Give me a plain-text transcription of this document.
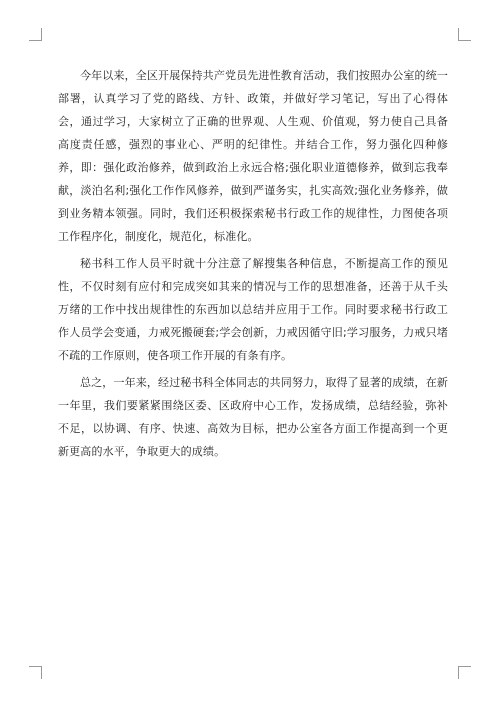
今年以来，全区开展保持共产党员先进性教育活动，我们按照办公室的统一部署，认真学习了党的路线、方针、政策，并做好学习笔记，写出了心得体会，通过学习，大家树立了正确的世界观、人生观、价值观，努力使自己具备高度责任感，强烈的事业心、严明的纪律性。并结合工作，努力强化四种修养，即：强化政治修养，做到政治上永远合格;强化职业道德修养，做到忘我奉献，淡泊名利;强化工作作风修养，做到严谨务实，扎实高效;强化业务修养，做到业务精本领强。同时，我们还积极探索秘书行政工作的规律性，力图使各项工作程序化，制度化，规范化，标准化。

秘书科工作人员平时就十分注意了解搜集各种信息，不断提高工作的预见性，不仅时刻有应付和完成突如其来的情况与工作的思想准备，还善于从千头万绪的工作中找出规律性的东西加以总结并应用于工作。同时要求秘书行政工作人员学会变通，力戒死搬硬套;学会创新，力戒因循守旧;学习服务，力戒只堵不疏的工作原则，使各项工作开展的有条有序。

总之，一年来，经过秘书科全体同志的共同努力，取得了显著的成绩，在新一年里，我们要紧紧围绕区委、区政府中心工作，发扬成绩，总结经验，弥补不足，以协调、有序、快速、高效为目标，把办公室各方面工作提高到一个更新更高的水平，争取更大的成绩。
